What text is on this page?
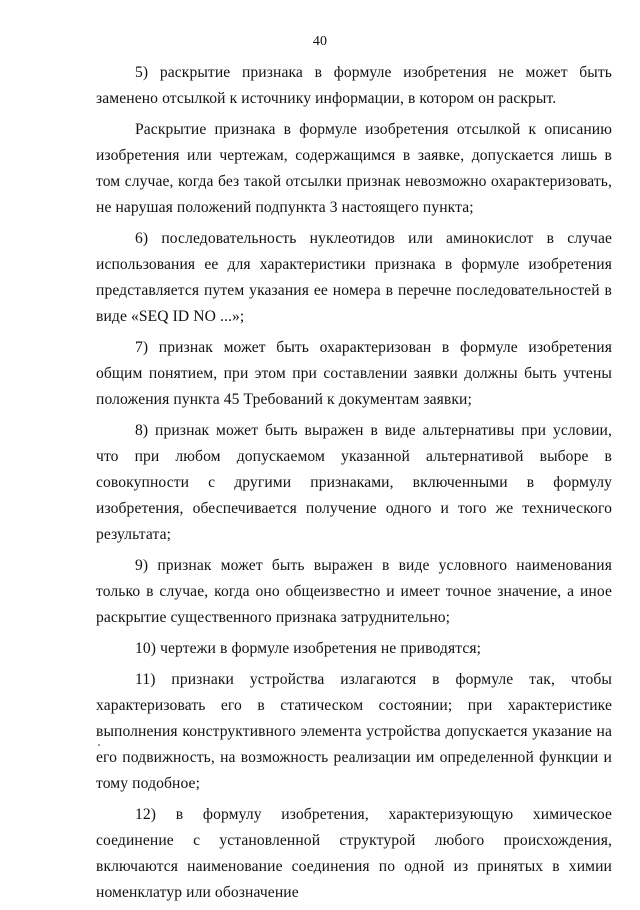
40

5) раскрытие признака в формуле изобретения не может быть заменено отсылкой к источнику информации, в котором он раскрыт.

Раскрытие признака в формуле изобретения отсылкой к описанию изобретения или чертежам, содержащимся в заявке, допускается лишь в том случае, когда без такой отсылки признак невозможно охарактеризовать, не нарушая положений подпункта 3 настоящего пункта;

6) последовательность нуклеотидов или аминокислот в случае использования ее для характеристики признака в формуле изобретения представляется путем указания ее номера в перечне последовательностей в виде «SEQ ID NO ...»;

7) признак может быть охарактеризован в формуле изобретения общим понятием, при этом при составлении заявки должны быть учтены положения пункта 45 Требований к документам заявки;

8) признак может быть выражен в виде альтернативы при условии, что при любом допускаемом указанной альтернативой выборе в совокупности с другими признаками, включенными в формулу изобретения, обеспечивается получение одного и того же технического результата;

9) признак может быть выражен в виде условного наименования только в случае, когда оно общеизвестно и имеет точное значение, а иное раскрытие существенного признака затруднительно;

10) чертежи в формуле изобретения не приводятся;

11) признаки устройства излагаются в формуле так, чтобы характеризовать его в статическом состоянии; при характеристике выполнения конструктивного элемента устройства допускается указание на его подвижность, на возможность реализации им определенной функции и тому подобное;

12) в формулу изобретения, характеризующую химическое соединение с установленной структурой любого происхождения, включаются наименование соединения по одной из принятых в химии номенклатур или обозначение
